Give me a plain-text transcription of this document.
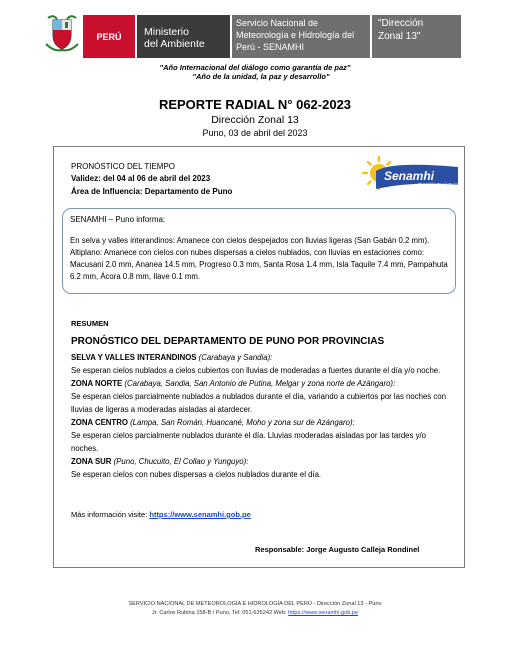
PERÚ Ministerio
del Ambiente
Servicio Nacional de Meteorología e Hidrología del Perú - SENAMHI
"Dirección
Zonal 13"
"Año Internacional del diálogo como garantía de paz"
"Año de la unidad, la paz y desarrollo"
REPORTE RADIAL N° 062-2023
Dirección Zonal 13
Puno, 03 de abril del 2023
PRONÓSTICO DEL TIEMPO
Validez: del 04 al 06 de abril del 2023
Área de Influencia: Departamento de Puno
Senamhi
Dirección Zonal Puno
SENAMHI – Puno informa:
En selva y valles interandinos: Amanece con cielos despejados con lluvias ligeras (San Gabán 0.2 mm). Altiplano: Amanece con cielos con nubes dispersas a cielos nublados, con lluvias en estaciones como: Macusani 2.0 mm, Ananea 14.5 mm, Progreso 0.3 mm, Santa Rosa 1.4 mm, Isla Taquile 7.4 mm, Pampahuta 6.2 mm, Ácora 0.8 mm, Ilave 0.1 mm.
RESUMEN
PRONÓSTICO DEL DEPARTAMENTO DE PUNO POR PROVINCIAS
SELVA Y VALLES INTERANDINOS (Carabaya y Sandia):
Se esperan cielos nublados a cielos cubiertos con lluvias de moderadas a fuertes durante el día y/o noche.
ZONA NORTE (Carabaya, Sandia, San Antonio de Putina, Melgar y zona norte de Azángaro):
Se esperan cielos parcialmente nublados a nublados durante el día, variando a cubiertos por las noches con lluvias de ligeras a moderadas aisladas al atardecer.
ZONA CENTRO (Lampa, San Román, Huancané, Moho y zona sur de Azángaro):
Se esperan cielos parcialmente nublados durante el día. Lluvias moderadas aisladas por las tardes y/o noches.
ZONA SUR (Puno, Chucuito, El Collao y Yunguyo):
Se esperan cielos con nubes dispersas a cielos nublados durante el día.
Más información visite: https://www.senamhi.gob.pe
Responsable: Jorge Augusto Calleja Rondinel
SERVICIO NACIONAL DE METEOROLOGÍA E HIDROLOGÍA DEL PERÚ - Dirección Zonal 13 - Puno
Jr. Carlos Rubina 158-B / Puno, Tel: 051-635242 Web: https://www.senamhi.gob.pe
